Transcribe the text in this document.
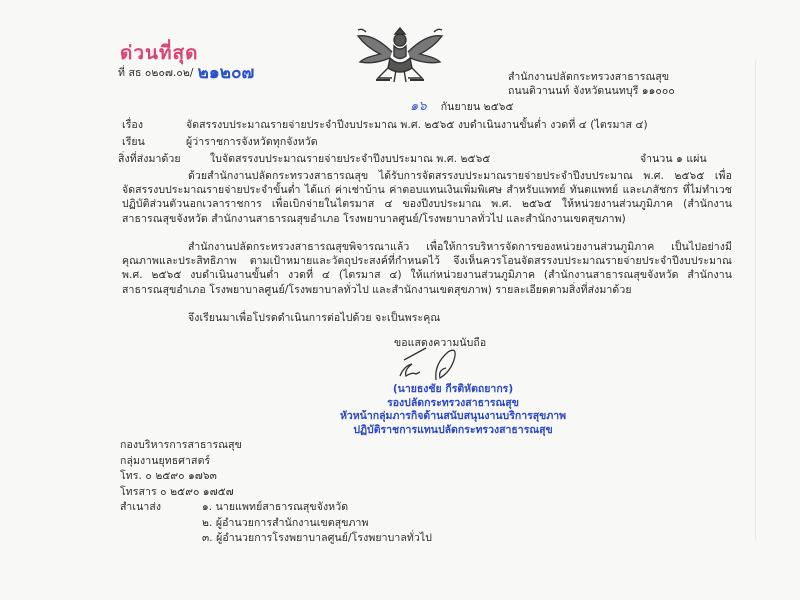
ด่วนที่สุด
ที่ สธ ๐๒๐๗.๐๒/ ๒๑๒๐๗	สำนักงานปลัดกระทรวงสาธารณสุข
ถนนติวานนท์ จังหวัดนนทบุรี ๑๑๐๐๐
๑๖ กันยายน ๒๕๖๕
เรื่อง	จัดสรรงบประมาณรายจ่ายประจำปีงบประมาณ พ.ศ. ๒๕๖๕ งบดำเนินงานขั้นต่ำ งวดที่ ๔ (ไตรมาส ๔)
เรียน	ผู้ว่าราชการจังหวัดทุกจังหวัด
สิ่งที่ส่งมาด้วย	ใบจัดสรรงบประมาณรายจ่ายประจำปีงบประมาณ พ.ศ. ๒๕๖๕	จำนวน ๑ แผ่น

ด้วยสำนักงานปลัดกระทรวงสาธารณสุข ได้รับการจัดสรรงบประมาณรายจ่ายประจำปีงบประมาณ พ.ศ. ๒๕๖๕ เพื่อจัดสรรงบประมาณรายจ่ายประจำขั้นต่ำ ได้แก่ ค่าเช่าบ้าน ค่าตอบแทนเงินเพิ่มพิเศษ สำหรับแพทย์ ทันตแพทย์ และเภสัชกร ที่ไม่ทำเวชปฏิบัติส่วนตัวนอกเวลาราชการ เพื่อเบิกจ่ายในไตรมาส ๔ ของปีงบประมาณ พ.ศ. ๒๕๖๕ ให้หน่วยงานส่วนภูมิภาค (สำนักงานสาธารณสุขจังหวัด สำนักงานสาธารณสุขอำเภอ โรงพยาบาลศูนย์/โรงพยาบาลทั่วไป และสำนักงานเขตสุขภาพ)

สำนักงานปลัดกระทรวงสาธารณสุขพิจารณาแล้ว เพื่อให้การบริหารจัดการของหน่วยงานส่วนภูมิภาค เป็นไปอย่างมีคุณภาพและประสิทธิภาพ ตามเป้าหมายและวัตถุประสงค์ที่กำหนดไว้ จึงเห็นควรโอนจัดสรรงบประมาณรายจ่ายประจำปีงบประมาณ พ.ศ. ๒๕๖๕ งบดำเนินงานขั้นต่ำ งวดที่ ๔ (ไตรมาส ๔) ให้แก่หน่วยงานส่วนภูมิภาค (สำนักงานสาธารณสุขจังหวัด สำนักงานสาธารณสุขอำเภอ โรงพยาบาลศูนย์/โรงพยาบาลทั่วไป และสำนักงานเขตสุขภาพ) รายละเอียดตามสิ่งที่ส่งมาด้วย

จึงเรียนมาเพื่อโปรดดำเนินการต่อไปด้วย จะเป็นพระคุณ
ขอแสดงความนับถือ
(นายธงชัย กีรติหัตถยากร)
รองปลัดกระทรวงสาธารณสุข
หัวหน้ากลุ่มภารกิจด้านสนับสนุนงานบริการสุขภาพ
ปฏิบัติราชการแทนปลัดกระทรวงสาธารณสุข
กองบริหารการสาธารณสุข
กลุ่มงานยุทธศาสตร์
โทร. ๐ ๒๕๙๐ ๑๗๖๓
โทรสาร ๐ ๒๕๙๐ ๑๗๕๗
สำเนาส่ง	๑. นายแพทย์สาธารณสุขจังหวัด
๒. ผู้อำนวยการสำนักงานเขตสุขภาพ
๓. ผู้อำนวยการโรงพยาบาลศูนย์/โรงพยาบาลทั่วไป
